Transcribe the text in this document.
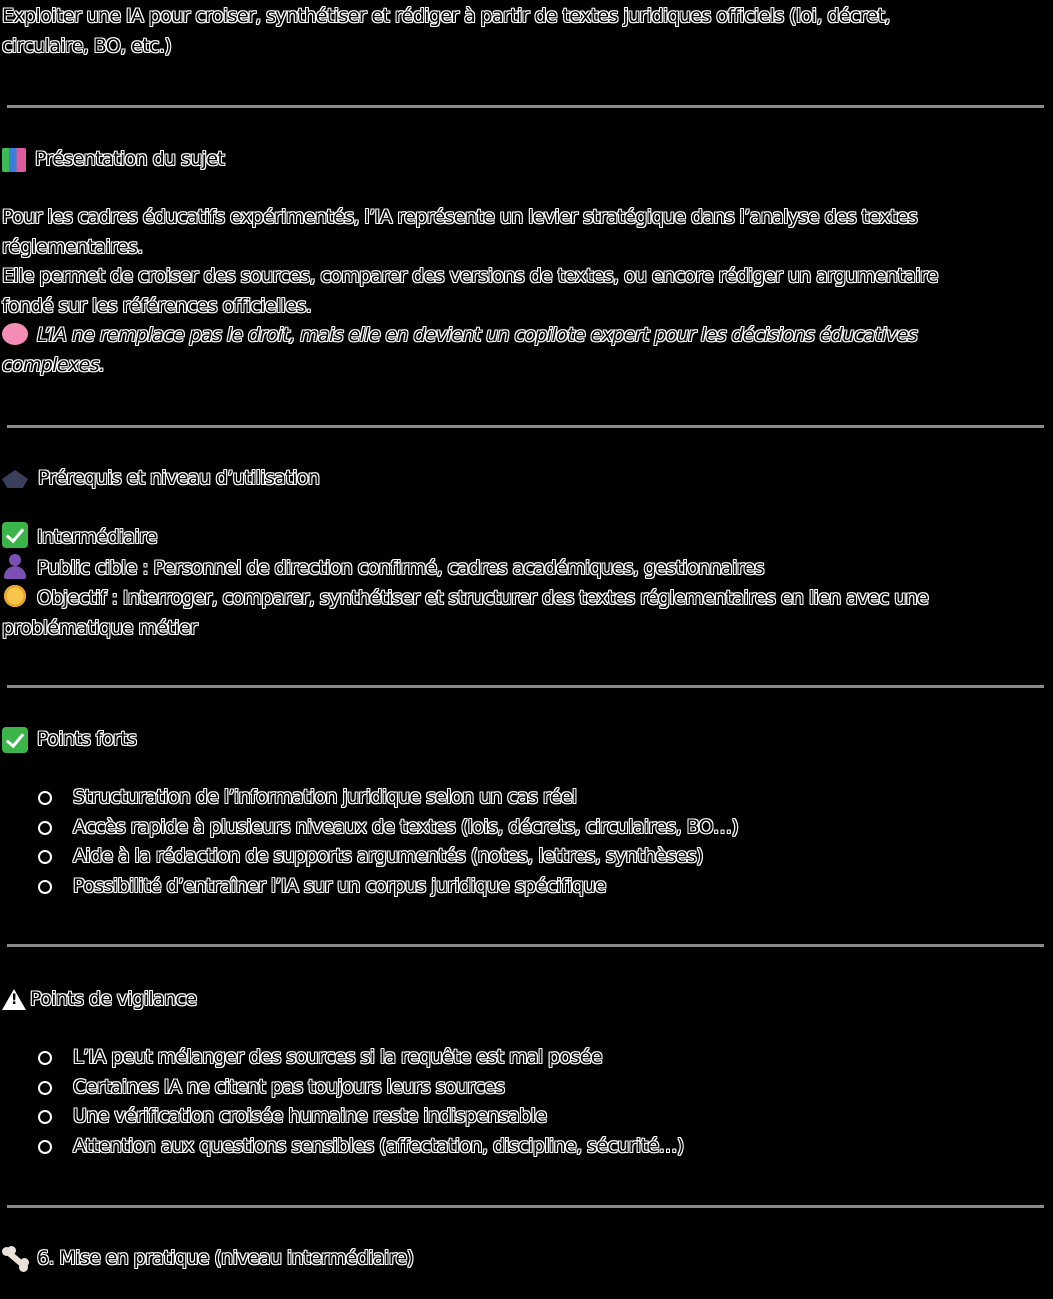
Exploiter une IA pour croiser, synthétiser et rédiger à partir de textes juridiques officiels (loi, décret,
circulaire, BO, etc.)
Présentation du sujet
Pour les cadres éducatifs expérimentés, l’IA représente un levier stratégique dans l’analyse des textes
réglementaires.
Elle permet de croiser des sources, comparer des versions de textes, ou encore rédiger un argumentaire
fondé sur les références officielles.
L’IA ne remplace pas le droit, mais elle en devient un copilote expert pour les décisions éducatives
complexes.
Prérequis et niveau d’utilisation
Intermédiaire
Public cible : Personnel de direction confirmé, cadres académiques, gestionnaires
Objectif : Interroger, comparer, synthétiser et structurer des textes réglementaires en lien avec une
problématique métier
Points forts
Structuration de l’information juridique selon un cas réel
Accès rapide à plusieurs niveaux de textes (lois, décrets, circulaires, BO…)
Aide à la rédaction de supports argumentés (notes, lettres, synthèses)
Possibilité d’entraîner l’IA sur un corpus juridique spécifique
!
Points de vigilance
L’IA peut mélanger des sources si la requête est mal posée
Certaines IA ne citent pas toujours leurs sources
Une vérification croisée humaine reste indispensable
Attention aux questions sensibles (affectation, discipline, sécurité…)
6. Mise en pratique (niveau intermédiaire)
